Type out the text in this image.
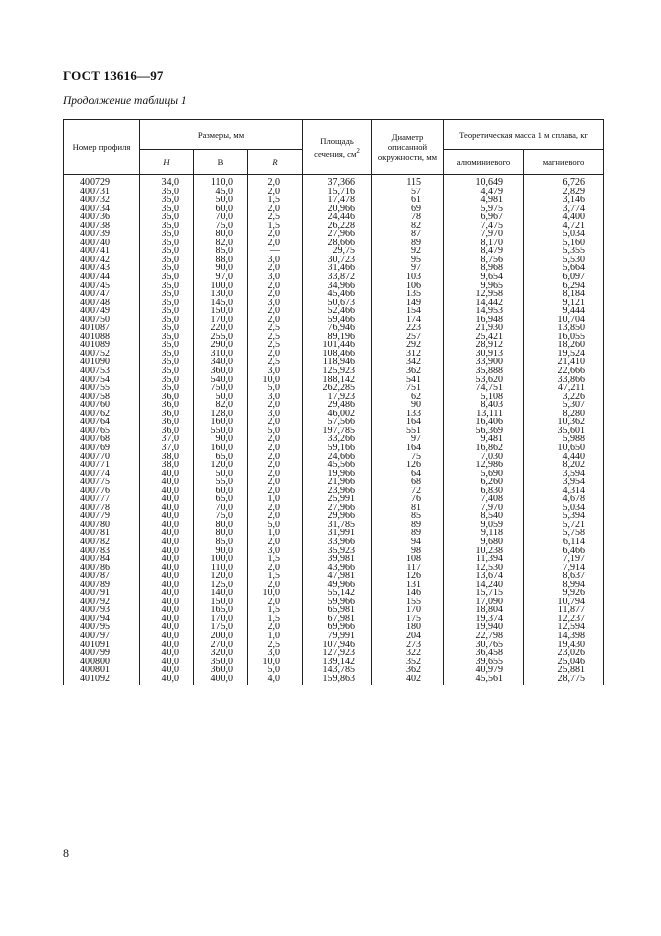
ГОСТ 13616—97
Продолжение таблицы 1
Номер профиля	Размеры, мм			Площадь сечения, $см^2$	Диаметр описанной окружности, мм	Теоретическая масса 1 м сплава, кг	
	H	B	R			алюминиевого	магниевого
400729	34,0	110,0	2,0	37,366	115	10,649	6,726
400731	35,0	45,0	2,0	15,716	57	4,479	2,829
400732	35,0	50,0	1,5	17,478	61	4,981	3,146
400734	35,0	60,0	2,0	20,966	69	5,975	3,774
400736	35,0	70,0	2,5	24,446	78	6,967	4,400
400738	35,0	75,0	1,5	26,228	82	7,475	4,721
400739	35,0	80,0	2,0	27,966	87	7,970	5,034
400740	35,0	82,0	2,0	28,666	89	8,170	5,160
400741	35,0	85,0	—	29,75	92	8,479	5,355
400742	35,0	88,0	3,0	30,723	95	8,756	5,530
400743	35,0	90,0	2,0	31,466	97	8,968	5,664
400744	35,0	97,0	3,0	33,872	103	9,654	6,097
400745	35,0	100,0	2,0	34,966	106	9,965	6,294
400747	35,0	130,0	2,0	45,466	135	12,958	8,184
400748	35,0	145,0	3,0	50,673	149	14,442	9,121
400749	35,0	150,0	2,0	52,466	154	14,953	9,444
400750	35,0	170,0	2,0	59,466	174	16,948	10,704
401087	35,0	220,0	2,5	76,946	223	21,930	13,850
401088	35,0	255,0	2,5	89,196	257	25,421	16,055
401089	35,0	290,0	2,5	101,446	292	28,912	18,260
400752	35,0	310,0	2,0	108,466	312	30,913	19,524
401090	35,0	340,0	2,5	118,946	342	33,900	21,410
400753	35,0	360,0	3,0	125,923	362	35,888	22,666
400754	35,0	540,0	10,0	188,142	541	53,620	33,866
400755	35,0	750,0	5,0	262,285	751	74,751	47,211
400758	36,0	50,0	3,0	17,923	62	5,108	3,226
400760	36,0	82,0	2,0	29,486	90	8,403	5,307
400762	36,0	128,0	3,0	46,002	133	13,111	8,280
400764	36,0	160,0	2,0	57,566	164	16,406	10,362
400765	36,0	550,0	5,0	197,785	551	56,369	35,601
400768	37,0	90,0	2,0	33,266	97	9,481	5,988
400769	37,0	160,0	2,0	59,166	164	16,862	10,650
400770	38,0	65,0	2,0	24,666	75	7,030	4,440
400771	38,0	120,0	2,0	45,566	126	12,986	8,202
400774	40,0	50,0	2,0	19,966	64	5,690	3,594
400775	40,0	55,0	2,0	21,966	68	6,260	3,954
400776	40,0	60,0	2,0	23,966	72	6,830	4,314
400777	40,0	65,0	1,0	25,991	76	7,408	4,678
400778	40,0	70,0	2,0	27,966	81	7,970	5,034
400779	40,0	75,0	2,0	29,966	85	8,540	5,394
400780	40,0	80,0	5,0	31,785	89	9,059	5,721
400781	40,0	80,0	1,0	31,991	89	9,118	5,758
400782	40,0	85,0	2,0	33,966	94	9,680	6,114
400783	40,0	90,0	3,0	35,923	98	10,238	6,466
400784	40,0	100,0	1,5	39,981	108	11,394	7,197
400786	40,0	110,0	2,0	43,966	117	12,530	7,914
400787	40,0	120,0	1,5	47,981	126	13,674	8,637
400789	40,0	125,0	2,0	49,966	131	14,240	8,994
400791	40,0	140,0	10,0	55,142	146	15,715	9,926
400792	40,0	150,0	2,0	59,966	155	17,090	10,794
400793	40,0	165,0	1,5	65,981	170	18,804	11,877
400794	40,0	170,0	1,5	67,981	175	19,374	12,237
400795	40,0	175,0	2,0	69,966	180	19,940	12,594
400797	40,0	200,0	1,0	79,991	204	22,798	14,398
401091	40,0	270,0	2,5	107,946	273	30,765	19,430
400799	40,0	320,0	3,0	127,923	322	36,458	23,026
400800	40,0	350,0	10,0	139,142	352	39,655	25,046
400801	40,0	360,0	5,0	143,785	362	40,979	25,881
401092	40,0	400,0	4,0	159,863	402	45,561	28,775
8
